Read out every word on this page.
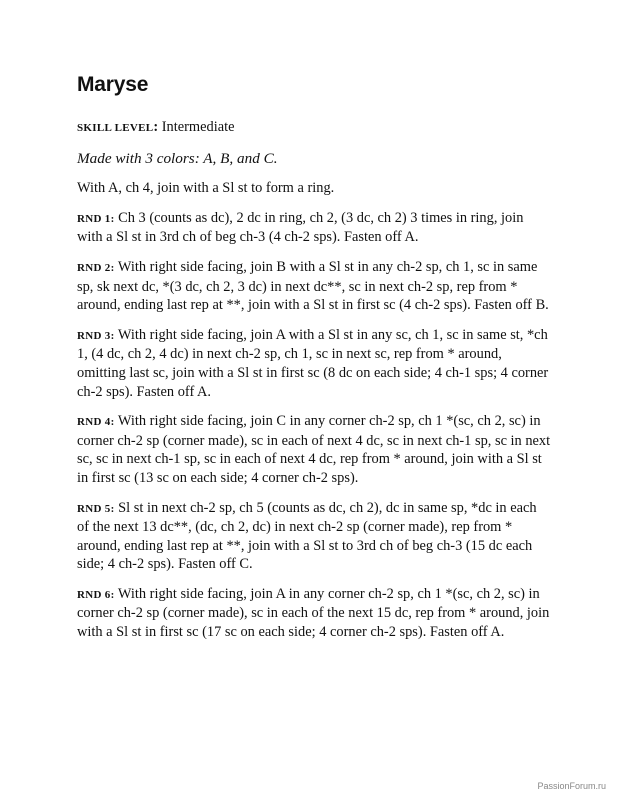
Maryse

SKILL LEVEL: Intermediate

Made with 3 colors: A, B, and C.

With A, ch 4, join with a Sl st to form a ring.

RND 1: Ch 3 (counts as dc), 2 dc in ring, ch 2, (3 dc, ch 2) 3 times in ring, join with a Sl st in 3rd ch of beg ch-3 (4 ch-2 sps). Fasten off A.

RND 2: With right side facing, join B with a Sl st in any ch-2 sp, ch 1, sc in same sp, sk next dc, *(3 dc, ch 2, 3 dc) in next dc**, sc in next ch-2 sp, rep from * around, ending last rep at **, join with a Sl st in first sc (4 ch-2 sps). Fasten off B.

RND 3: With right side facing, join A with a Sl st in any sc, ch 1, sc in same st, *ch 1, (4 dc, ch 2, 4 dc) in next ch-2 sp, ch 1, sc in next sc, rep from * around, omitting last sc, join with a Sl st in first sc (8 dc on each side; 4 ch-1 sps; 4 corner ch-2 sps). Fasten off A.

RND 4: With right side facing, join C in any corner ch-2 sp, ch 1 *(sc, ch 2, sc) in corner ch-2 sp (corner made), sc in each of next 4 dc, sc in next ch-1 sp, sc in next sc, sc in next ch-1 sp, sc in each of next 4 dc, rep from * around, join with a Sl st in first sc (13 sc on each side; 4 corner ch-2 sps).

RND 5: Sl st in next ch-2 sp, ch 5 (counts as dc, ch 2), dc in same sp, *dc in each of the next 13 dc**, (dc, ch 2, dc) in next ch-2 sp (corner made), rep from * around, ending last rep at **, join with a Sl st to 3rd ch of beg ch-3 (15 dc each side; 4 ch-2 sps). Fasten off C.

RND 6: With right side facing, join A in any corner ch-2 sp, ch 1 *(sc, ch 2, sc) in corner ch-2 sp (corner made), sc in each of the next 15 dc, rep from * around, join with a Sl st in first sc (17 sc on each side; 4 corner ch-2 sps). Fasten off A.

PassionForum.ru
